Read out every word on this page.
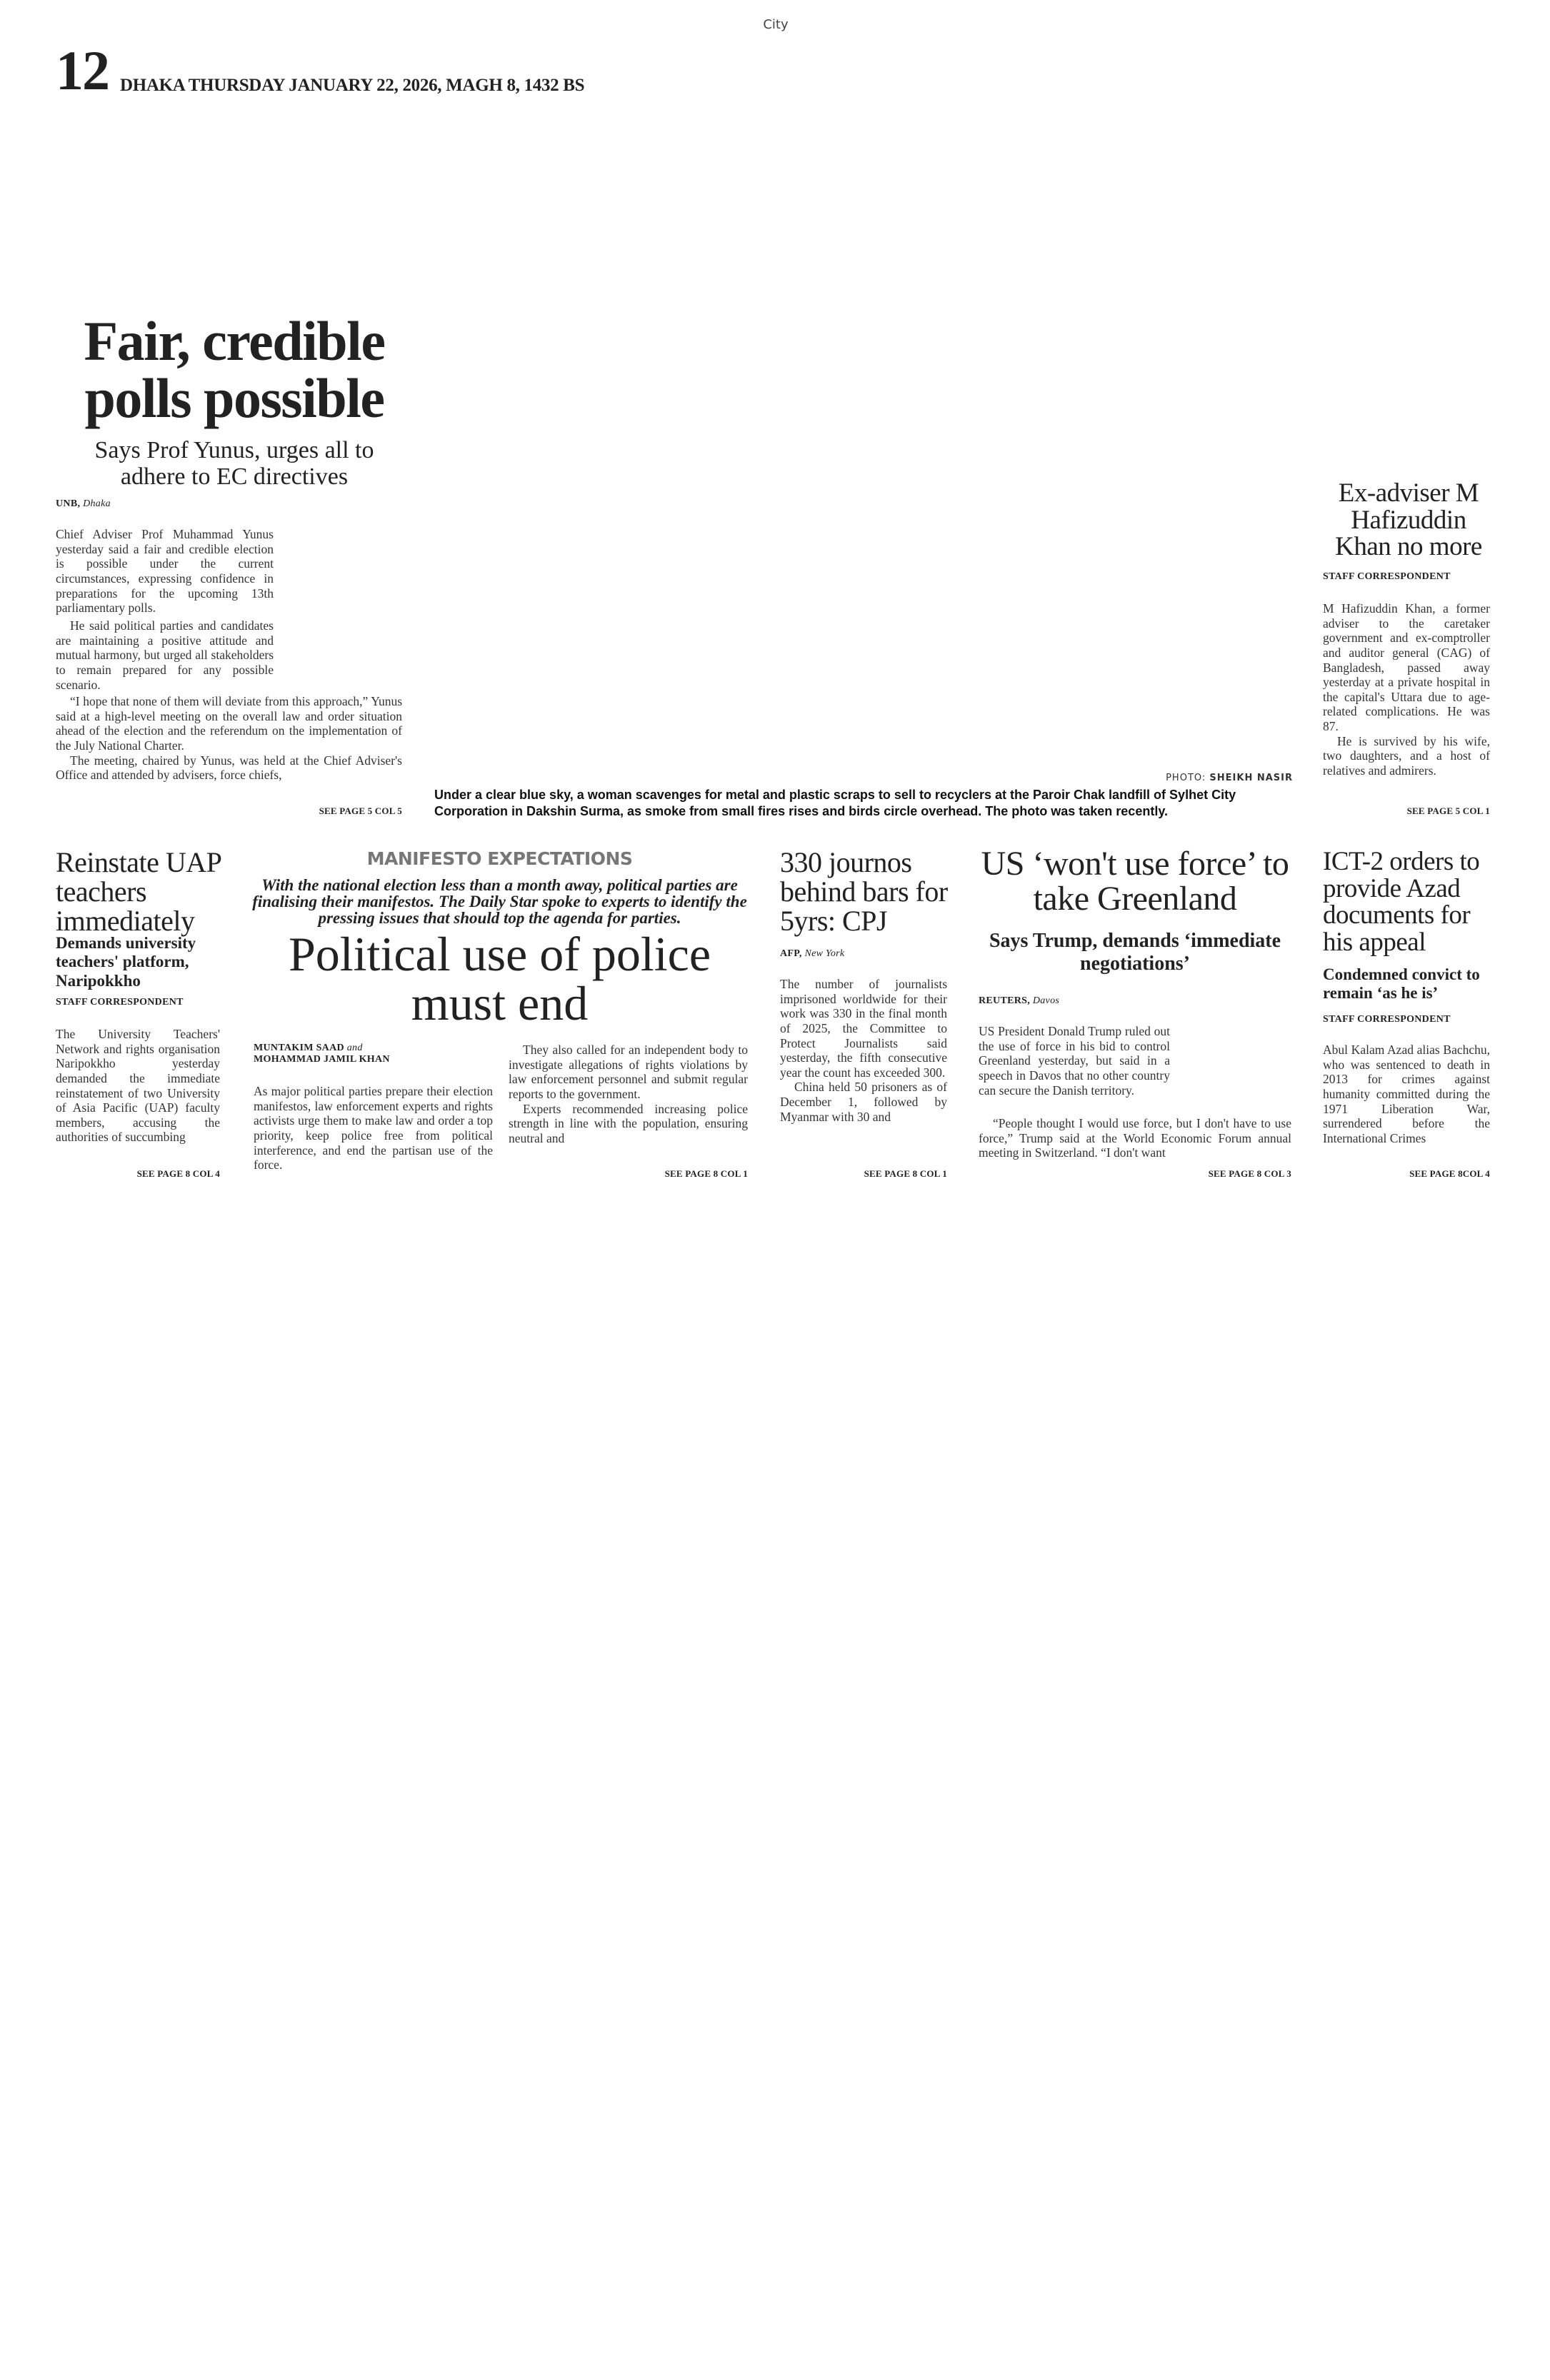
City
12 DHAKA THURSDAY JANUARY 22, 2026, MAGH 8, 1432 BS
Fair, credible polls possible
Says Prof Yunus, urges all to adhere to EC directives
UNB, Dhaka

Chief Adviser Prof Muhammad Yunus yesterday said a fair and credible election is possible under the current circumstances, expressing confidence in preparations for the upcoming 13th parliamentary polls.

He said political parties and candidates are maintaining a positive attitude and mutual harmony, but urged all stakeholders to remain prepared for any possible scenario.

“I hope that none of them will deviate from this approach,” Yunus said at a high-level meeting on the overall law and order situation ahead of the election and the referendum on the implementation of the July National Charter.

The meeting, chaired by Yunus, was held at the Chief Adviser's Office and attended by advisers, force chiefs,

SEE PAGE 5 COL 5
PHOTO: SHEIKH NASIR
Under a clear blue sky, a woman scavenges for metal and plastic scraps to sell to recyclers at the Paroir Chak landfill of Sylhet City Corporation in Dakshin Surma, as smoke from small fires rises and birds circle overhead. The photo was taken recently.
Ex-adviser M Hafizuddin Khan no more
STAFF CORRESPONDENT

M Hafizuddin Khan, a former adviser to the caretaker government and ex-comptroller and auditor general (CAG) of Bangladesh, passed away yesterday at a private hospital in the capital's Uttara due to age-related complications. He was 87.

He is survived by his wife, two daughters, and a host of relatives and admirers.

SEE PAGE 5 COL 1
Reinstate UAP teachers immediately
Demands university teachers' platform, Naripokkho
STAFF CORRESPONDENT

The University Teachers' Network and rights organisation Naripokkho yesterday demanded the immediate reinstatement of two University of Asia Pacific (UAP) faculty members, accusing the authorities of succumbing

SEE PAGE 8 COL 4
MANIFESTO EXPECTATIONS
With the national election less than a month away, political parties are finalising their manifestos. The Daily Star spoke to experts to identify the pressing issues that should top the agenda for parties.
Political use of police must end
MUNTAKIM SAAD and
MOHAMMAD JAMIL KHAN

As major political parties prepare their election manifestos, law enforcement experts and rights activists urge them to make law and order a top priority, keep police free from political interference, and end the partisan use of the force.

They also called for an independent body to investigate allegations of rights violations by law enforcement personnel and submit regular reports to the government.

Experts recommended increasing police strength in line with the population, ensuring neutral and

SEE PAGE 8 COL 1
330 journos behind bars for 5yrs: CPJ
AFP, New York

The number of journalists imprisoned worldwide for their work was 330 in the final month of 2025, the Committee to Protect Journalists said yesterday, the fifth consecutive year the count has exceeded 300.

China held 50 prisoners as of December 1, followed by Myanmar with 30 and

SEE PAGE 8 COL 1
US ‘won't use force’ to take Greenland
Says Trump, demands ‘immediate negotiations’
REUTERS, Davos

US President Donald Trump ruled out the use of force in his bid to control Greenland yesterday, but said in a speech in Davos that no other country can secure the Danish territory.

“People thought I would use force, but I don't have to use force,” Trump said at the World Economic Forum annual meeting in Switzerland. “I don't want

SEE PAGE 8 COL 3
ICT-2 orders to provide Azad documents for his appeal
Condemned convict to remain ‘as he is’
STAFF CORRESPONDENT

Abul Kalam Azad alias Bachchu, who was sentenced to death in 2013 for crimes against humanity committed during the 1971 Liberation War, surrendered before the International Crimes

SEE PAGE 8COL 4
